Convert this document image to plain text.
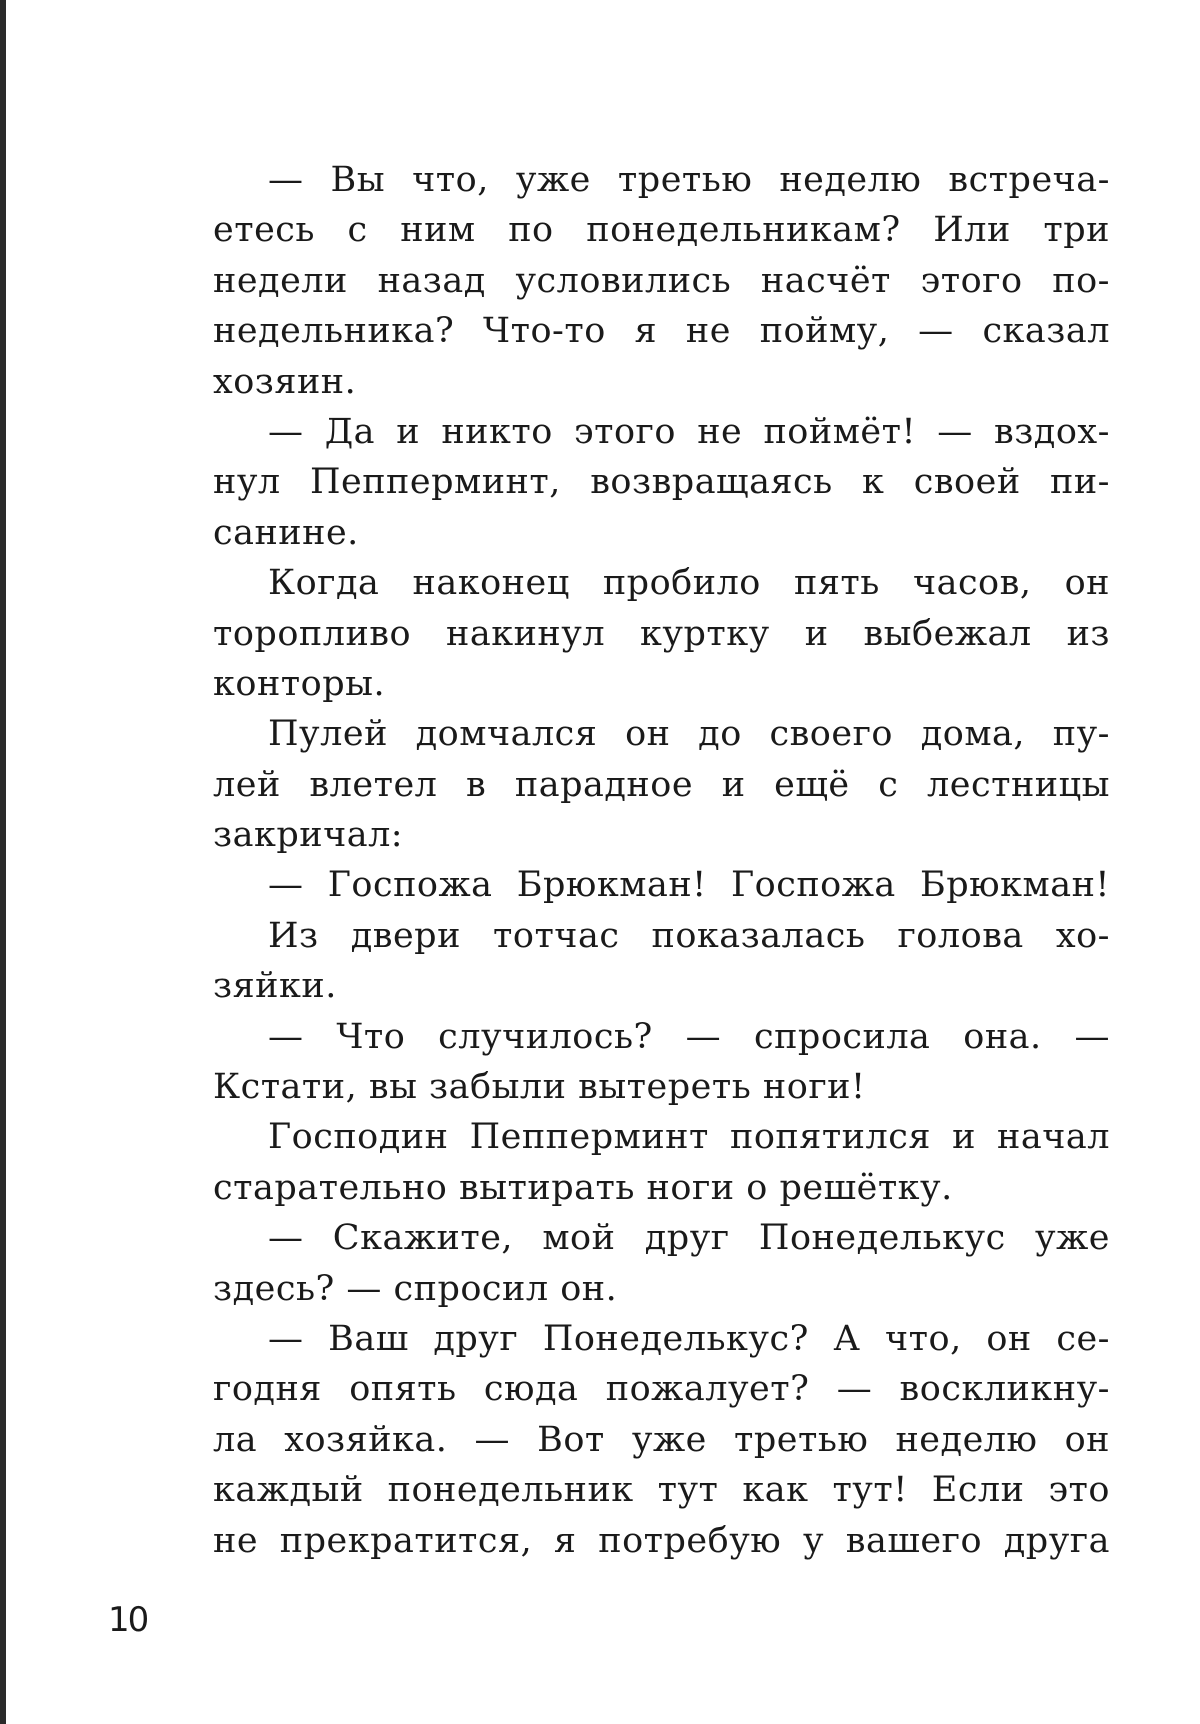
— Вы что, уже третью неделю встреча-
етесь с ним по понедельникам? Или три
недели назад условились насчёт этого по-
недельника? Что-то я не пойму, — сказал
хозяин.
— Да и никто этого не поймёт! — вздох-
нул Пепперминт, возвращаясь к своей пи-
санине.
Когда наконец пробило пять часов, он
торопливо накинул куртку и выбежал из
конторы.
Пулей домчался он до своего дома, пу-
лей влетел в парадное и ещё с лестницы
закричал:
— Госпожа Брюкман! Госпожа Брюкман!
Из двери тотчас показалась голова хо-
зяйки.
— Что случилось? — спросила она. —
Кстати, вы забыли вытереть ноги!
Господин Пепперминт попятился и начал
старательно вытирать ноги о решётку.
— Скажите, мой друг Понеделькус уже
здесь? — спросил он.
— Ваш друг Понеделькус? А что, он се-
годня опять сюда пожалует? — воскликну-
ла хозяйка. — Вот уже третью неделю он
каждый понедельник тут как тут! Если это
не прекратится, я потребую у вашего друга
10
